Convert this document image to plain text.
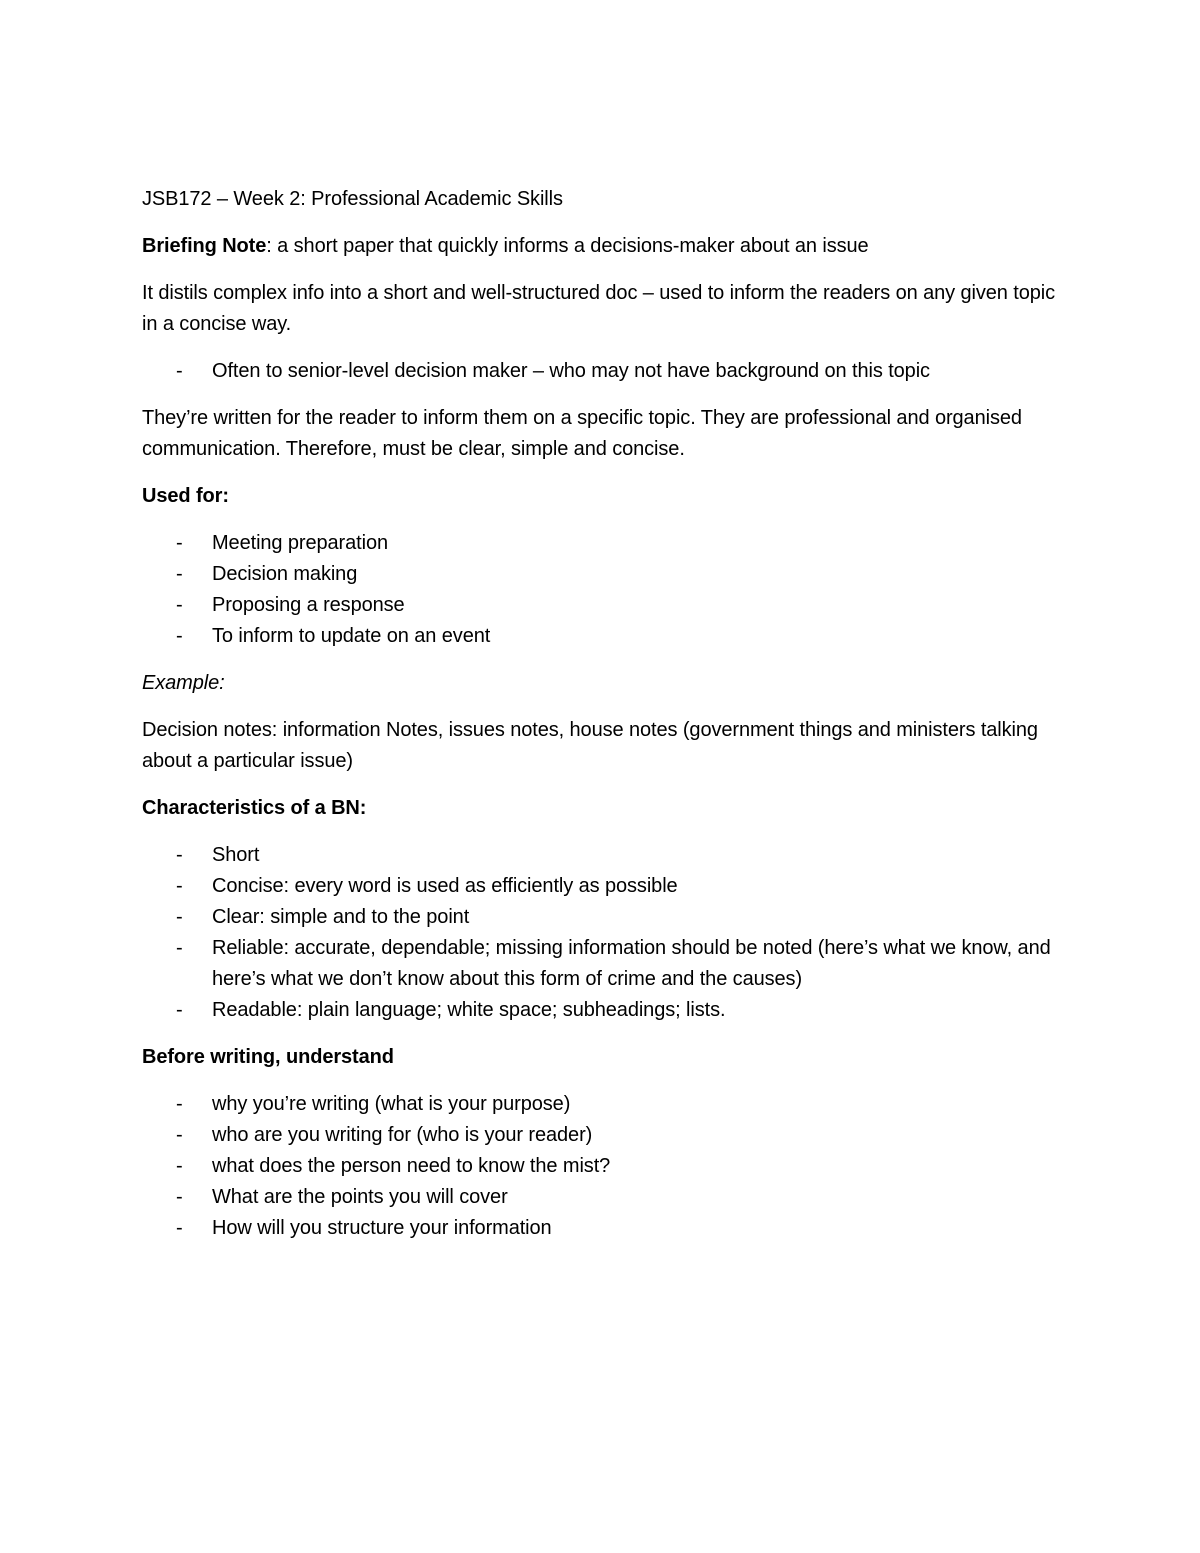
JSB172 – Week 2: Professional Academic Skills

Briefing Note: a short paper that quickly informs a decisions-maker about an issue

It distils complex info into a short and well-structured doc – used to inform the readers on any given topic in a concise way.

- Often to senior-level decision maker – who may not have background on this topic

They’re written for the reader to inform them on a specific topic. They are professional and organised communication. Therefore, must be clear, simple and concise.

Used for:

- Meeting preparation
- Decision making
- Proposing a response
- To inform to update on an event

Example:

Decision notes: information Notes, issues notes, house notes (government things and ministers talking about a particular issue)

Characteristics of a BN:

- Short
- Concise: every word is used as efficiently as possible
- Clear: simple and to the point
- Reliable: accurate, dependable; missing information should be noted (here’s what we know, and here’s what we don’t know about this form of crime and the causes)
- Readable: plain language; white space; subheadings; lists.

Before writing, understand

- why you’re writing (what is your purpose)
- who are you writing for (who is your reader)
- what does the person need to know the mist?
- What are the points you will cover
- How will you structure your information
